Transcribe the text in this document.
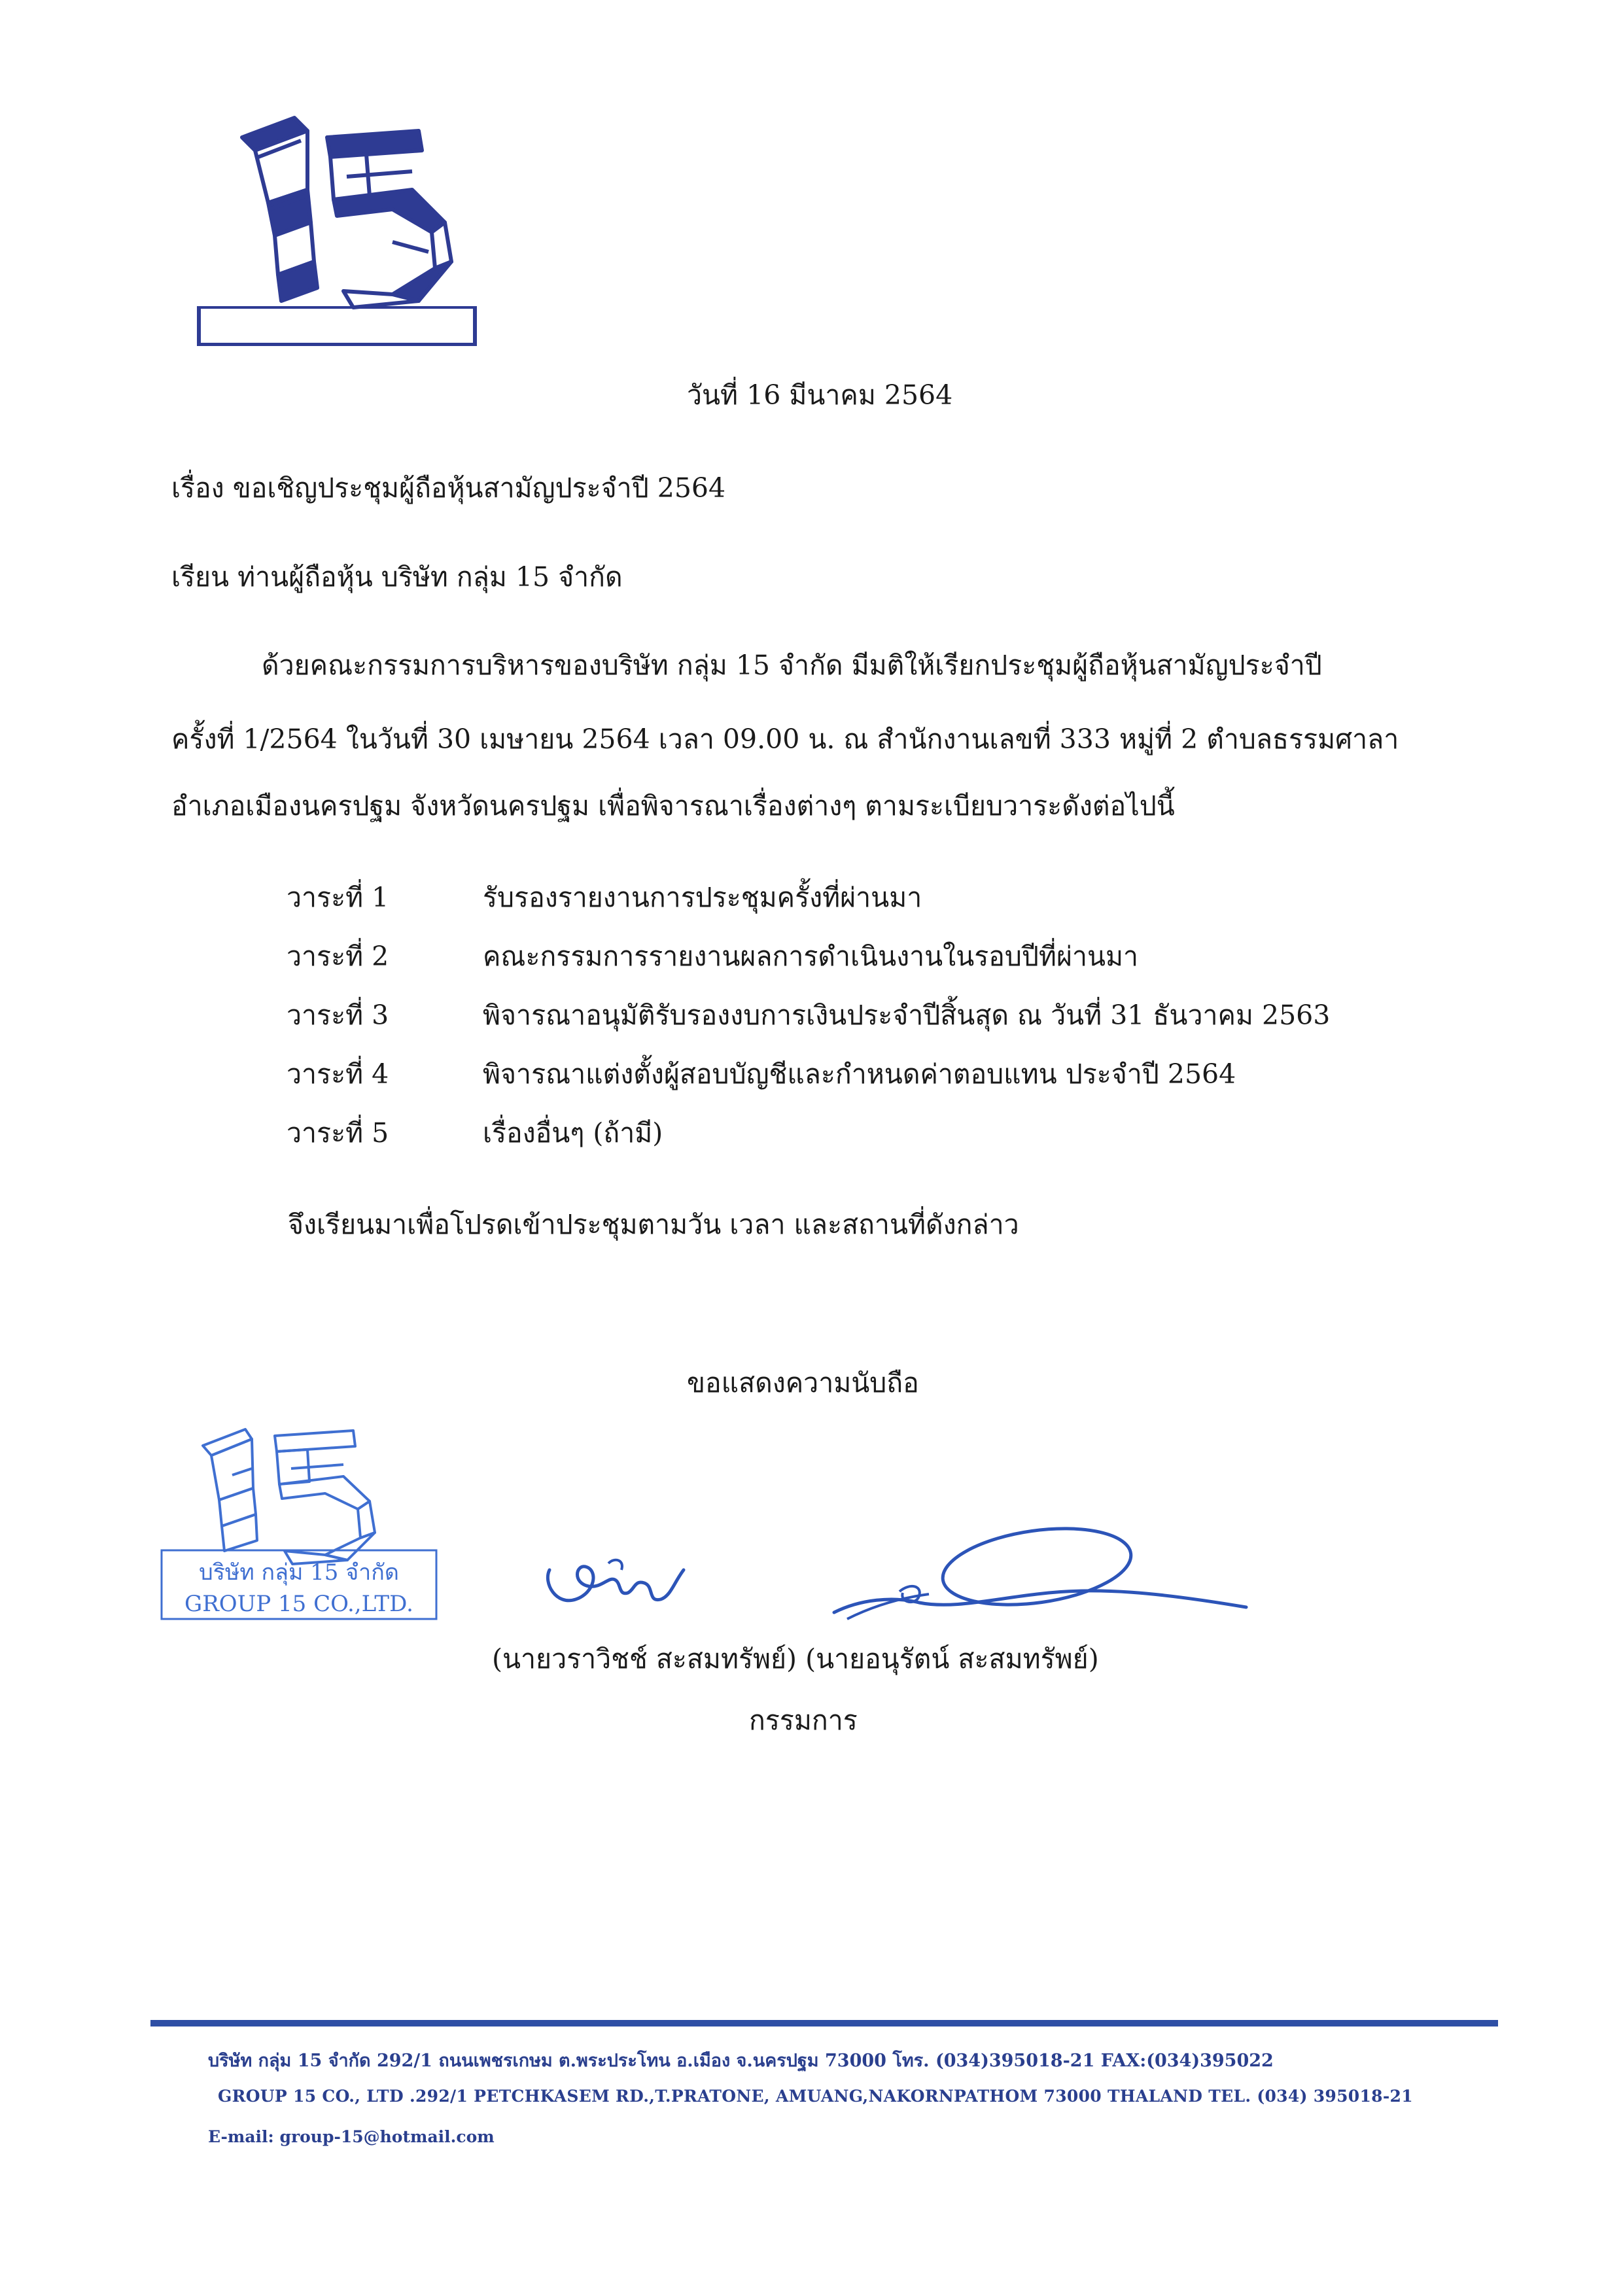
วันที่ 16 มีนาคม 2564
เรื่อง ขอเชิญประชุมผู้ถือหุ้นสามัญประจำปี 2564
เรียน ท่านผู้ถือหุ้น บริษัท กลุ่ม 15 จำกัด
ด้วยคณะกรรมการบริหารของบริษัท กลุ่ม 15 จำกัด มีมติให้เรียกประชุมผู้ถือหุ้นสามัญประจำปี
ครั้งที่ 1/2564 ในวันที่ 30 เมษายน 2564 เวลา 09.00 น. ณ สำนักงานเลขที่ 333 หมู่ที่ 2 ตำบลธรรมศาลา
อำเภอเมืองนครปฐม จังหวัดนครปฐม เพื่อพิจารณาเรื่องต่างๆ ตามระเบียบวาระดังต่อไปนี้
วาระที่ 1	รับรองรายงานการประชุมครั้งที่ผ่านมา
วาระที่ 2	คณะกรรมการรายงานผลการดำเนินงานในรอบปีที่ผ่านมา
วาระที่ 3	พิจารณาอนุมัติรับรองงบการเงินประจำปีสิ้นสุด ณ วันที่ 31 ธันวาคม 2563
วาระที่ 4	พิจารณาแต่งตั้งผู้สอบบัญชีและกำหนดค่าตอบแทน ประจำปี 2564
วาระที่ 5	เรื่องอื่นๆ (ถ้ามี)
จึงเรียนมาเพื่อโปรดเข้าประชุมตามวัน เวลา และสถานที่ดังกล่าว
ขอแสดงความนับถือ
บริษัท กลุ่ม 15 จำกัด
GROUP 15 CO.,LTD.
(นายวราวิชช์ สะสมทรัพย์) (นายอนุรัตน์ สะสมทรัพย์)
กรรมการ
บริษัท กลุ่ม 15 จำกัด 292/1 ถนนเพชรเกษม ต.พระประโทน อ.เมือง จ.นครปฐม 73000 โทร. (034)395018-21 FAX:(034)395022
GROUP 15 CO., LTD .292/1 PETCHKASEM RD.,T.PRATONE, AMUANG,NAKORNPATHOM 73000 THALAND TEL. (034) 395018-21
E-mail: group-15@hotmail.com
